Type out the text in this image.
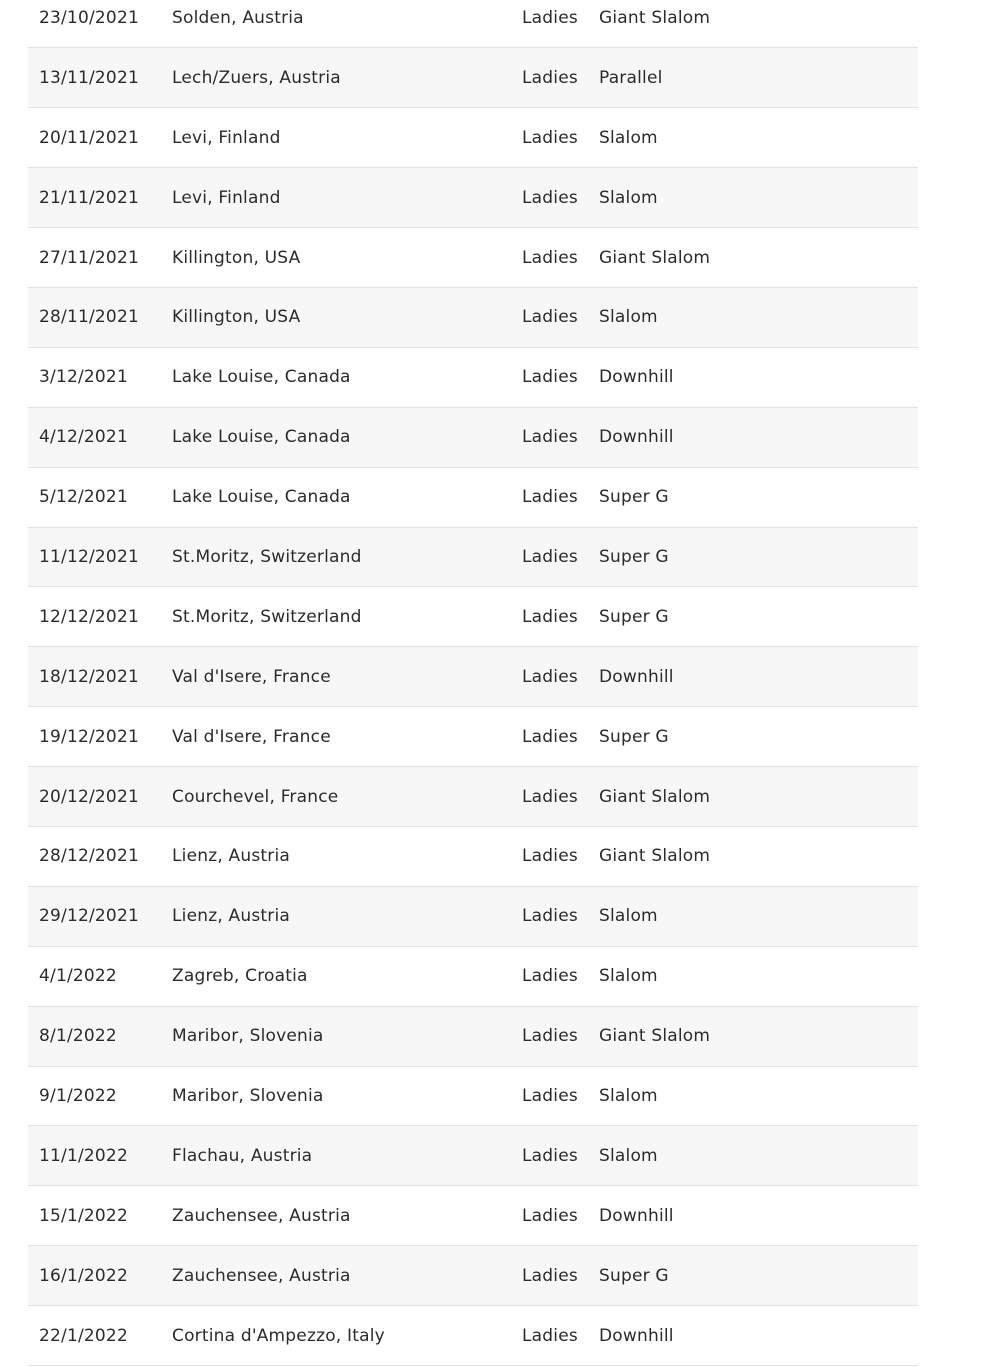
23/10/2021	Solden, Austria	Ladies	Giant Slalom
13/11/2021	Lech/Zuers, Austria	Ladies	Parallel
20/11/2021	Levi, Finland	Ladies	Slalom
21/11/2021	Levi, Finland	Ladies	Slalom
27/11/2021	Killington, USA	Ladies	Giant Slalom
28/11/2021	Killington, USA	Ladies	Slalom
3/12/2021	Lake Louise, Canada	Ladies	Downhill
4/12/2021	Lake Louise, Canada	Ladies	Downhill
5/12/2021	Lake Louise, Canada	Ladies	Super G
11/12/2021	St.Moritz, Switzerland	Ladies	Super G
12/12/2021	St.Moritz, Switzerland	Ladies	Super G
18/12/2021	Val d'Isere, France	Ladies	Downhill
19/12/2021	Val d'Isere, France	Ladies	Super G
20/12/2021	Courchevel, France	Ladies	Giant Slalom
28/12/2021	Lienz, Austria	Ladies	Giant Slalom
29/12/2021	Lienz, Austria	Ladies	Slalom
4/1/2022	Zagreb, Croatia	Ladies	Slalom
8/1/2022	Maribor, Slovenia	Ladies	Giant Slalom
9/1/2022	Maribor, Slovenia	Ladies	Slalom
11/1/2022	Flachau, Austria	Ladies	Slalom
15/1/2022	Zauchensee, Austria	Ladies	Downhill
16/1/2022	Zauchensee, Austria	Ladies	Super G
22/1/2022	Cortina d'Ampezzo, Italy	Ladies	Downhill
